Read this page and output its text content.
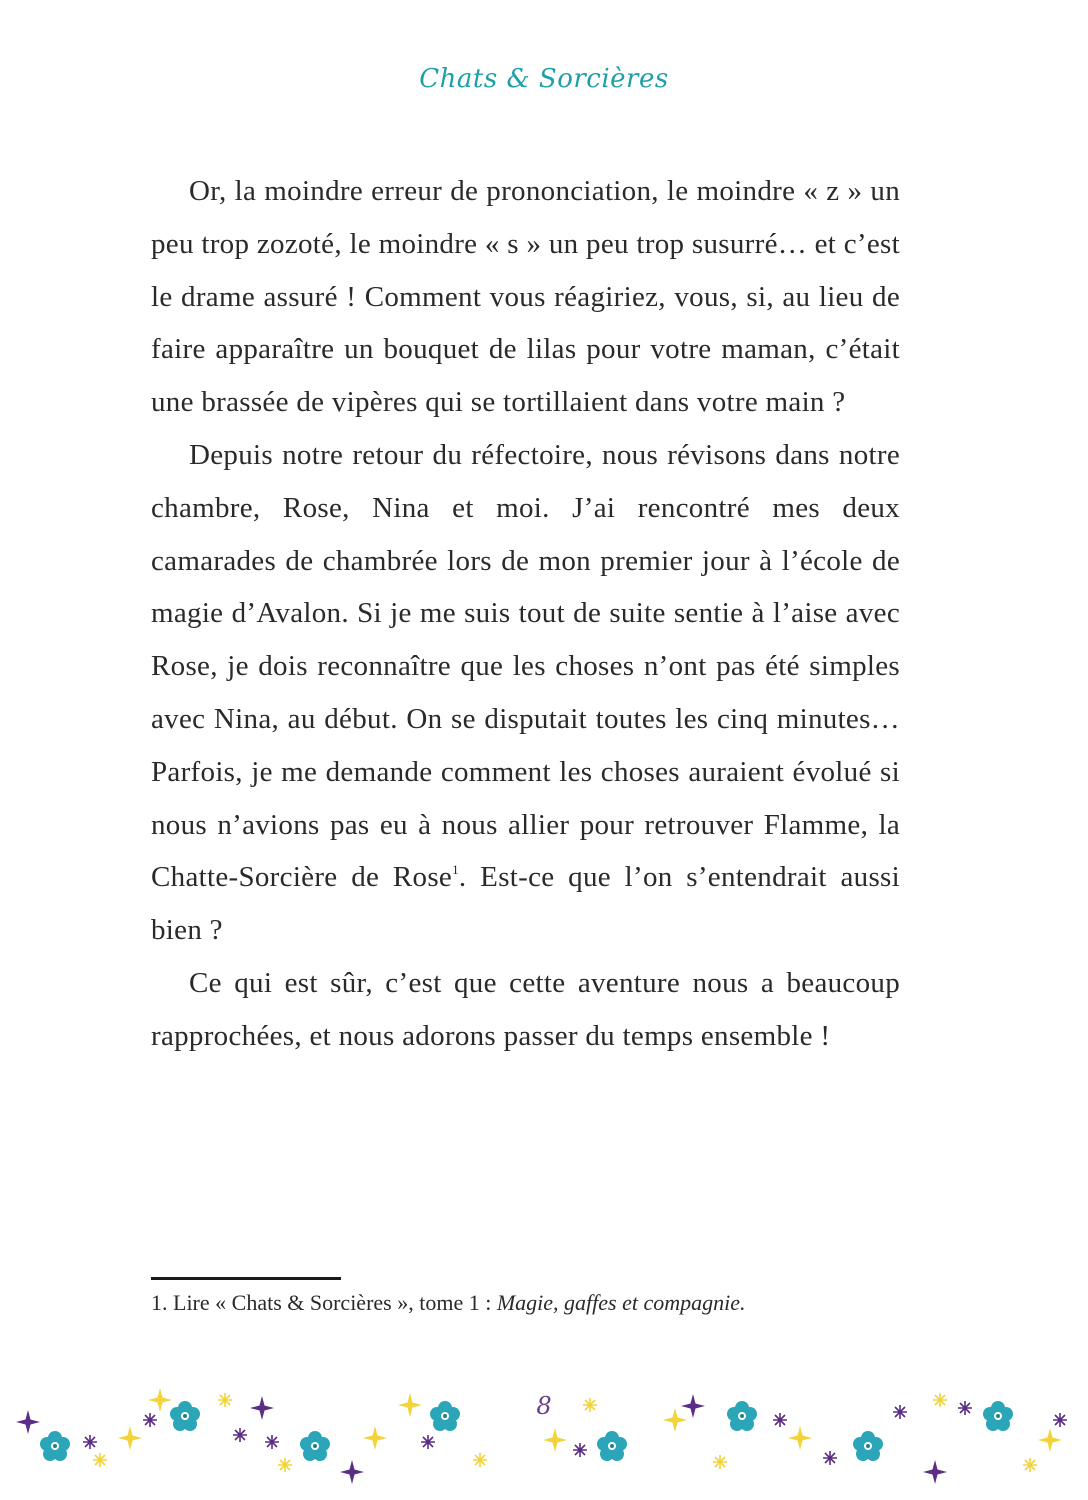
Chats & Sorcières

Or, la moindre erreur de prononciation, le moindre « z » un peu trop zozoté, le moindre « s » un peu trop susurré… et c’est le drame assuré ! Comment vous réagiriez, vous, si, au lieu de faire apparaître un bouquet de lilas pour votre maman, c’était une brassée de vipères qui se tortillaient dans votre main ?

Depuis notre retour du réfectoire, nous révisons dans notre chambre, Rose, Nina et moi. J’ai rencontré mes deux camarades de chambrée lors de mon premier jour à l’école de magie d’Avalon. Si je me suis tout de suite sentie à l’aise avec Rose, je dois reconnaître que les choses n’ont pas été simples avec Nina, au début. On se disputait toutes les cinq minutes… Parfois, je me demande comment les choses auraient évolué si nous n’avions pas eu à nous allier pour retrouver Flamme, la Chatte-Sorcière de Rose$^1$. Est-ce que l’on s’entendrait aussi bien ?

Ce qui est sûr, c’est que cette aventure nous a beaucoup rapprochées, et nous adorons passer du temps ensemble !

1. Lire « Chats & Sorcières », tome 1 : Magie, gaffes et compagnie.
8
